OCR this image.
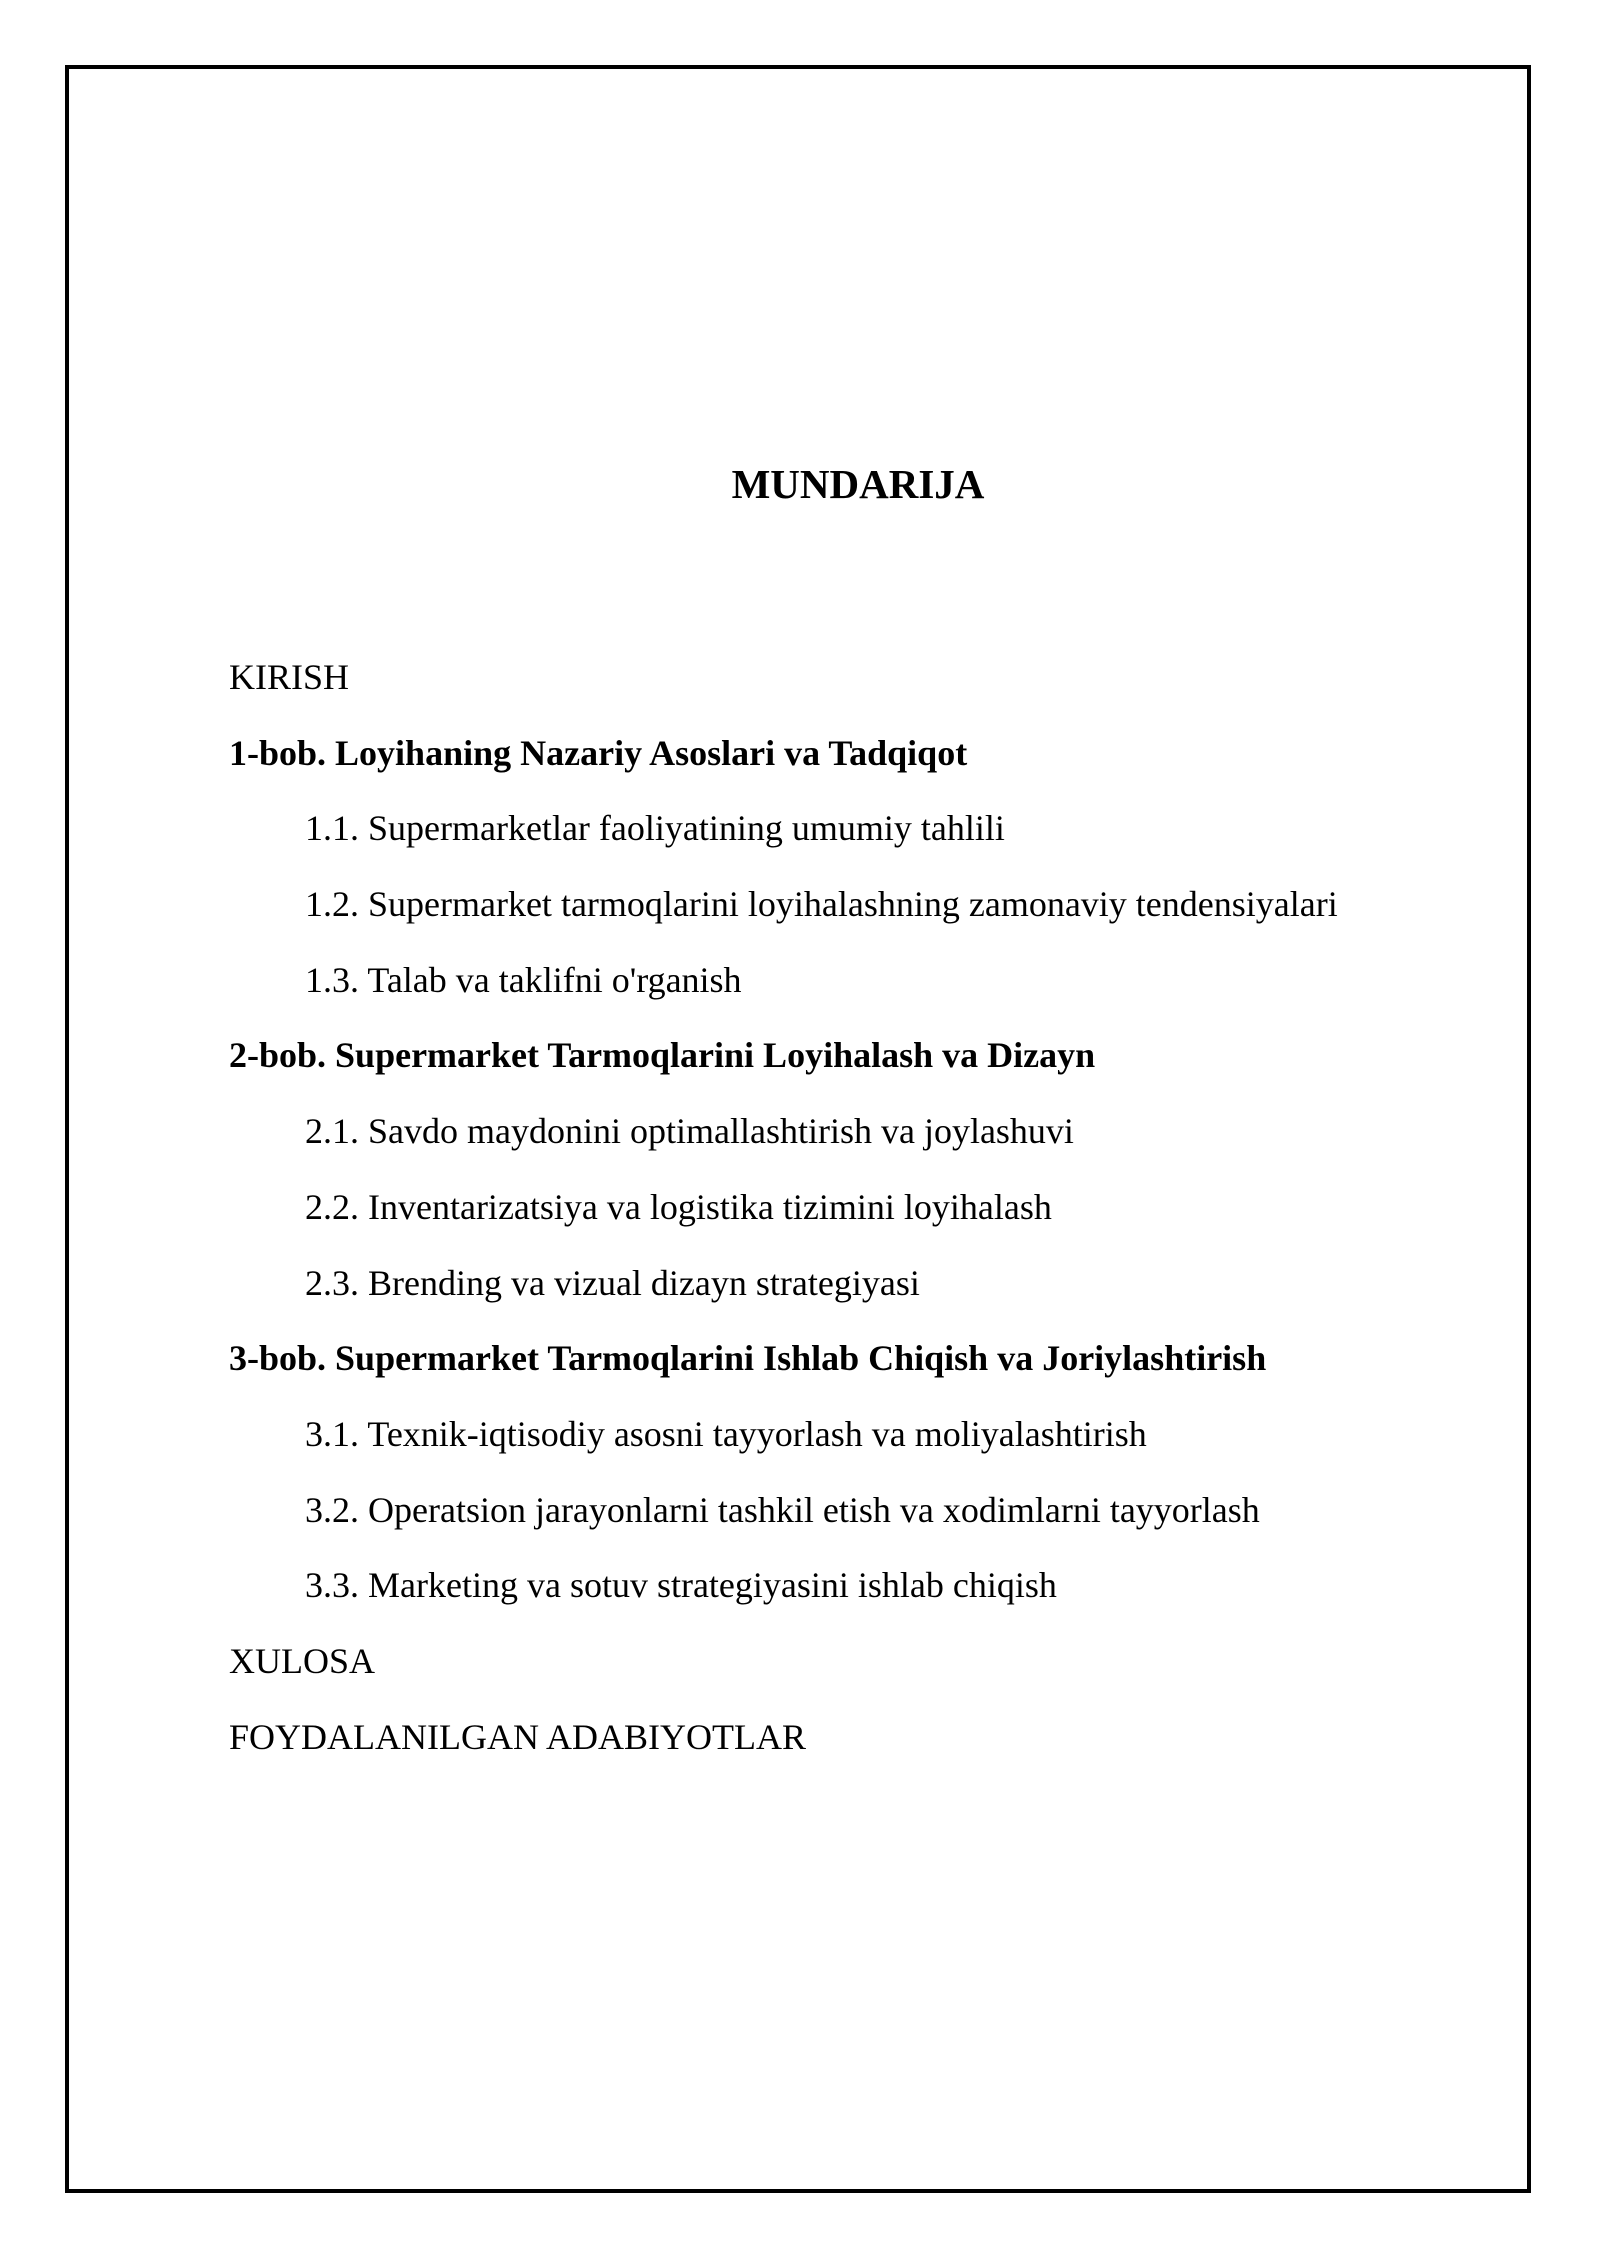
MUNDARIJA
KIRISH
1-bob. Loyihaning Nazariy Asoslari va Tadqiqot
1.1. Supermarketlar faoliyatining umumiy tahlili
1.2. Supermarket tarmoqlarini loyihalashning zamonaviy tendensiyalari
1.3. Talab va taklifni o'rganish
2-bob. Supermarket Tarmoqlarini Loyihalash va Dizayn
2.1. Savdo maydonini optimallashtirish va joylashuvi
2.2. Inventarizatsiya va logistika tizimini loyihalash
2.3. Brending va vizual dizayn strategiyasi
3-bob. Supermarket Tarmoqlarini Ishlab Chiqish va Joriylashtirish
3.1. Texnik-iqtisodiy asosni tayyorlash va moliyalashtirish
3.2. Operatsion jarayonlarni tashkil etish va xodimlarni tayyorlash
3.3. Marketing va sotuv strategiyasini ishlab chiqish
XULOSA
FOYDALANILGAN ADABIYOTLAR
